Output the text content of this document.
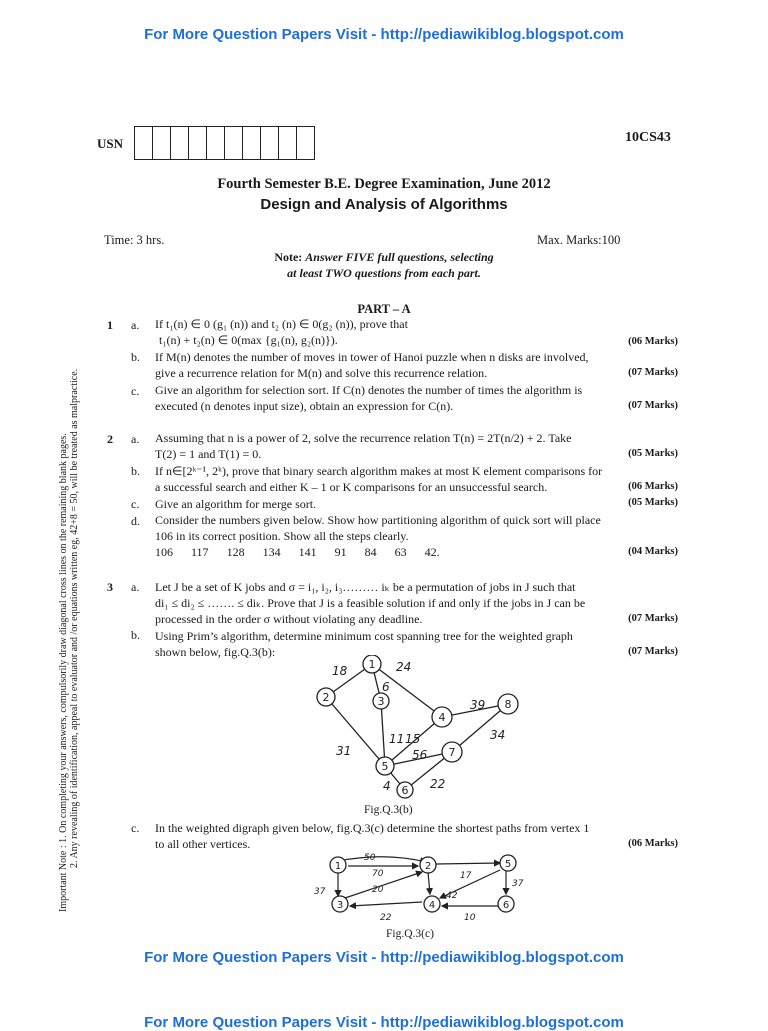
For More Question Papers Visit - http://pediawikiblog.blogspot.com
Important Note : 1. On completing your answers, compulsorily draw diagonal cross lines on the remaining blank pages. 2. Any revealing of identification, appeal to evaluator and /or equations written eg, 42+8 = 50, will be treated as malpractice.
USN	10CS43
Fourth Semester B.E. Degree Examination, June 2012
Design and Analysis of Algorithms
Time: 3 hrs.	Max. Marks:100
Note: Answer FIVE full questions, selecting
at least TWO questions from each part.
PART – A
1 a. If t₁(n) ∈ 0 (g₁ (n)) and t₂ (n) ∈ 0(g₂ (n)), prove that
t₁(n) + t₂(n) ∈ 0(max {g₁(n), g₂(n)}).	(06 Marks)
b. If M(n) denotes the number of moves in tower of Hanoi puzzle when n disks are involved,
give a recurrence relation for M(n) and solve this recurrence relation.	(07 Marks)
c. Give an algorithm for selection sort. If C(n) denotes the number of times the algorithm is
executed (n denotes input size), obtain an expression for C(n).	(07 Marks)
2 a. Assuming that n is a power of 2, solve the recurrence relation T(n) = 2T(n/2) + 2. Take
T(2) = 1 and T(1) = 0.	(05 Marks)
b. If n∈[2ᵏ⁻¹, 2ᵏ), prove that binary search algorithm makes at most K element comparisons for
a successful search and either K – 1 or K comparisons for an unsuccessful search.	(06 Marks)
c. Give an algorithm for merge sort.	(05 Marks)
d. Consider the numbers given below. Show how partitioning algorithm of quick sort will place
106 in its correct position. Show all the steps clearly.
106 117 128 134 141 91 84 63 42.	(04 Marks)
3 a. Let J be a set of K jobs and σ = i₁, i₂, i₃……… iₖ be a permutation of jobs in J such that
di₁ ≤ di₂ ≤ ……. ≤ diₖ. Prove that J is a feasible solution if and only if the jobs in J can be
processed in the order σ without violating any deadline.	(07 Marks)
b. Using Prim’s algorithm, determine minimum cost spanning tree for the weighted graph
shown below, fig.Q.3(b):	(07 Marks)
1
2	3
4
5
6
7
8
18	24
6
39
11 15
56
34
31
4	22
Fig.Q.3(b)
c. In the weighted digraph given below, fig.Q.3(c) determine the shortest paths from vertex 1
to all other vertices.	(06 Marks)
1	2
3	4
5
6
50
70	17
37	20
42
37
22	10
Fig.Q.3(c)
For More Question Papers Visit - http://pediawikiblog.blogspot.com
For More Question Papers Visit - http://pediawikiblog.blogspot.com
